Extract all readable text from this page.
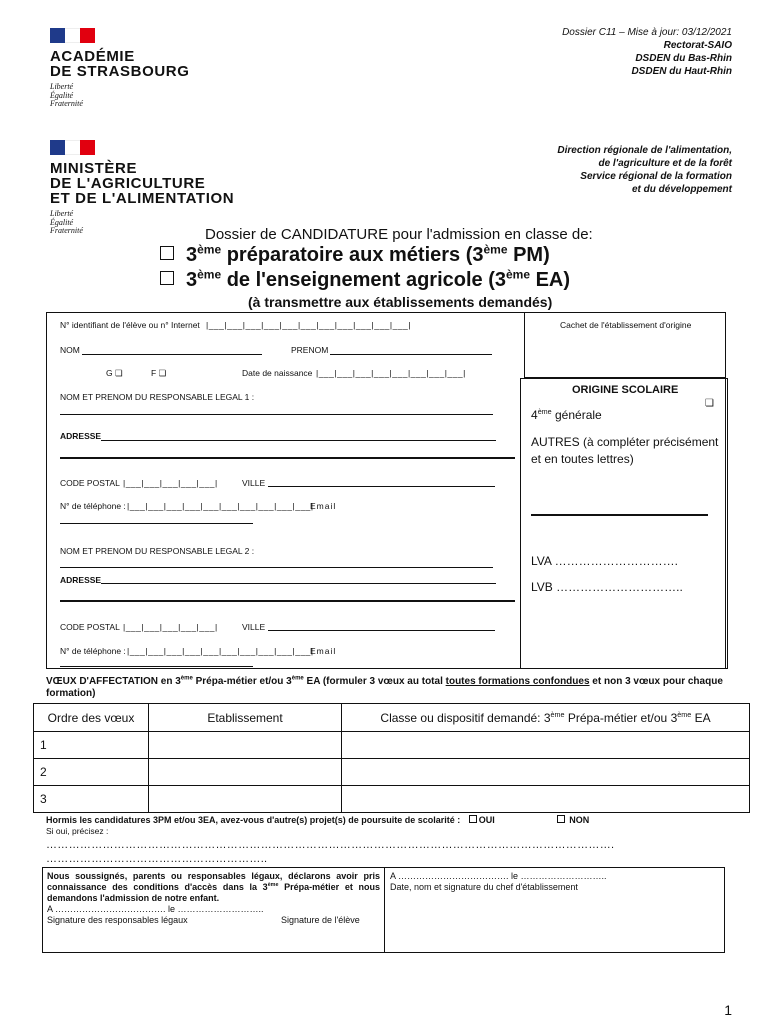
ACADÉMIE
DE STRASBOURG
Liberté
Égalité
Fraternité
MINISTÈRE
DE L'AGRICULTURE
ET DE L'ALIMENTATION
Liberté
Égalité
Fraternité
Dossier C11 – Mise à jour: 03/12/2021
Rectorat-SAIO
DSDEN du Bas-Rhin
DSDEN du Haut-Rhin
Direction régionale de l'alimentation,
de l'agriculture et de la forêt
Service régional de la formation
et du développement
Dossier de CANDIDATURE pour l'admission en classe de:
3ème préparatoire aux métiers (3ème PM)
3ème de l'enseignement agricole (3ème EA)
(à transmettre aux établissements demandés)
Cachet de l'établissement d'origine
N° identifiant de l'élève ou n° Internet |___|___|___|___|___|___|___|___|___|___|___|
NOM	PRENOM
G ❏	F ❏	Date de naissance |___|___|___|___|___|___|___|___|
NOM ET PRENOM DU RESPONSABLE LEGAL 1 :
ADRESSE
CODE POSTAL |___|___|___|___|___|	VILLE
N° de téléphone : |___|___|___|___|___|___|___|___|___|___|
Email
NOM ET PRENOM DU RESPONSABLE LEGAL 2 :
ADRESSE
CODE POSTAL |___|___|___|___|___|	VILLE
N° de téléphone : |___|___|___|___|___|___|___|___|___|___|
Email
ORIGINE SCOLAIRE
❏
4ème générale
AUTRES (à compléter précisément et en toutes lettres)
LVA ………………………….
LVB …………………………..
VŒUX D'AFFECTATION en 3ème Prépa-métier et/ou 3ème EA (formuler 3 vœux au total toutes formations confondues et non 3 vœux pour chaque formation)
Ordre des vœux	Etablissement	Classe ou dispositif demandé: 3ème Prépa-métier et/ou 3ème EA
1		
2		
3		
Hormis les candidatures 3PM et/ou 3EA, avez-vous d'autre(s) projet(s) de poursuite de scolarité : OUI	NON
Si oui, précisez :
…………………………………………………………………………………………………………………………………….
…………………………………………………..
Nous soussignés, parents ou responsables légaux, déclarons avoir pris connaissance des conditions d'accès dans la 3ème Prépa-métier et nous demandons l'admission de notre enfant.
A ………………………………. le ………………………..
Signature des responsables légaux	Signature de l'élève
A ………………………………. le ………………………..
Date, nom et signature du chef d'établissement
1
